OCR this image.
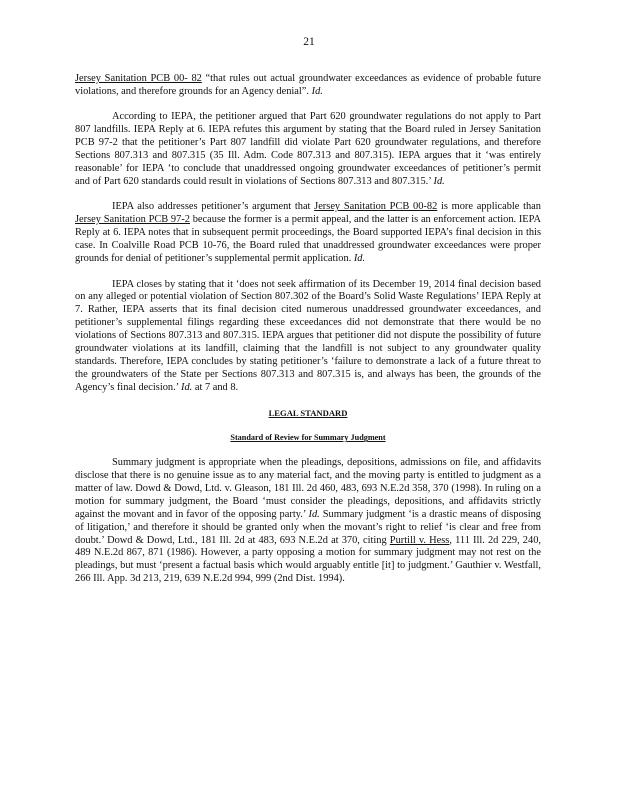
21

Jersey Sanitation PCB 00- 82 “that rules out actual groundwater exceedances as evidence of probable future violations, and therefore grounds for an Agency denial”. Id.

According to IEPA, the petitioner argued that Part 620 groundwater regulations do not apply to Part 807 landfills. IEPA Reply at 6. IEPA refutes this argument by stating that the Board ruled in Jersey Sanitation PCB 97-2 that the petitioner’s Part 807 landfill did violate Part 620 groundwater regulations, and therefore Sections 807.313 and 807.315 (35 Ill. Adm. Code 807.313 and 807.315). IEPA argues that it ‘was entirely reasonable’ for IEPA ‘to conclude that unaddressed ongoing groundwater exceedances of petitioner’s permit and of Part 620 standards could result in violations of Sections 807.313 and 807.315.’ Id.

IEPA also addresses petitioner’s argument that Jersey Sanitation PCB 00-82 is more applicable than Jersey Sanitation PCB 97-2 because the former is a permit appeal, and the latter is an enforcement action. IEPA Reply at 6. IEPA notes that in subsequent permit proceedings, the Board supported IEPA’s final decision in this case. In Coalville Road PCB 10-76, the Board ruled that unaddressed groundwater exceedances were proper grounds for denial of petitioner’s supplemental permit application. Id.

IEPA closes by stating that it ‘does not seek affirmation of its December 19, 2014 final decision based on any alleged or potential violation of Section 807.302 of the Board’s Solid Waste Regulations’ IEPA Reply at 7. Rather, IEPA asserts that its final decision cited numerous unaddressed groundwater exceedances, and petitioner’s supplemental filings regarding these exceedances did not demonstrate that there would be no violations of Sections 807.313 and 807.315. IEPA argues that petitioner did not dispute the possibility of future groundwater violations at its landfill, claiming that the landfill is not subject to any groundwater quality standards. Therefore, IEPA concludes by stating petitioner’s ‘failure to demonstrate a lack of a future threat to the groundwaters of the State per Sections 807.313 and 807.315 is, and always has been, the grounds of the Agency’s final decision.’ Id. at 7 and 8.

LEGAL STANDARD
Standard of Review for Summary Judgment

Summary judgment is appropriate when the pleadings, depositions, admissions on file, and affidavits disclose that there is no genuine issue as to any material fact, and the moving party is entitled to judgment as a matter of law. Dowd & Dowd, Ltd. v. Gleason, 181 Ill. 2d 460, 483, 693 N.E.2d 358, 370 (1998). In ruling on a motion for summary judgment, the Board ‘must consider the pleadings, depositions, and affidavits strictly against the movant and in favor of the opposing party.’ Id. Summary judgment ‘is a drastic means of disposing of litigation,’ and therefore it should be granted only when the movant’s right to relief ‘is clear and free from doubt.’ Dowd & Dowd, Ltd., 181 Ill. 2d at 483, 693 N.E.2d at 370, citing Purtill v. Hess, 111 Ill. 2d 229, 240, 489 N.E.2d 867, 871 (1986). However, a party opposing a motion for summary judgment may not rest on the pleadings, but must ‘present a factual basis which would arguably entitle [it] to judgment.’ Gauthier v. Westfall, 266 Ill. App. 3d 213, 219, 639 N.E.2d 994, 999 (2nd Dist. 1994).
